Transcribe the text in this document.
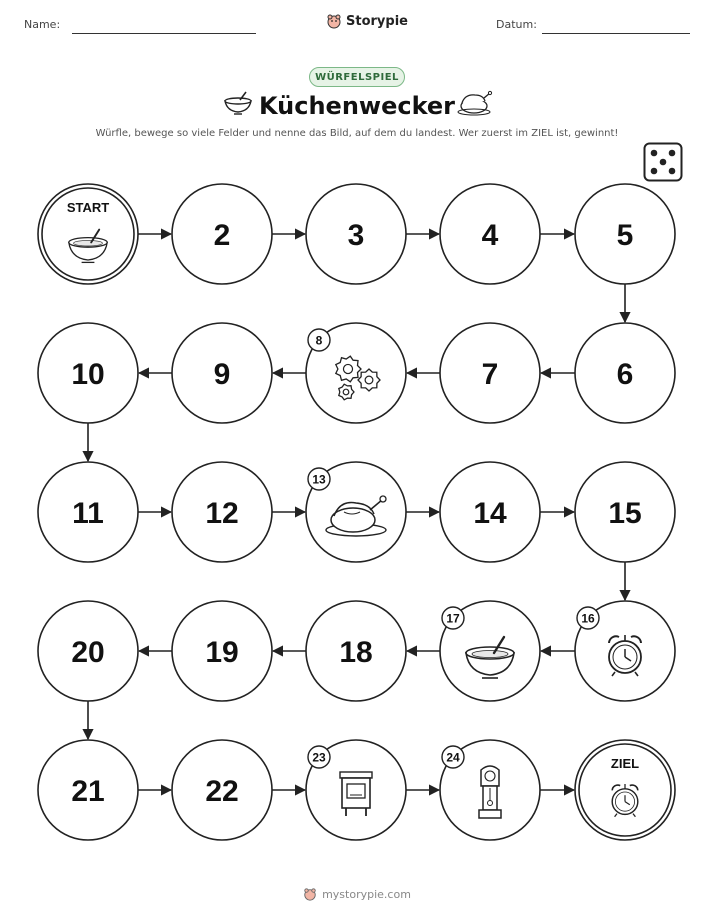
Name:	Storypie	Datum:
WÜRFELSPIEL
Küchenwecker
Würfle, bewege so viele Felder und nenne das Bild, auf dem du landest. Wer zuerst im ZIEL ist, gewinnt!
START
2	3	4	5
6
7
8
9
10
11	12
13
14	15
16
17
18
19
20
21	22
23	24	ZIEL
mystorypie.com
